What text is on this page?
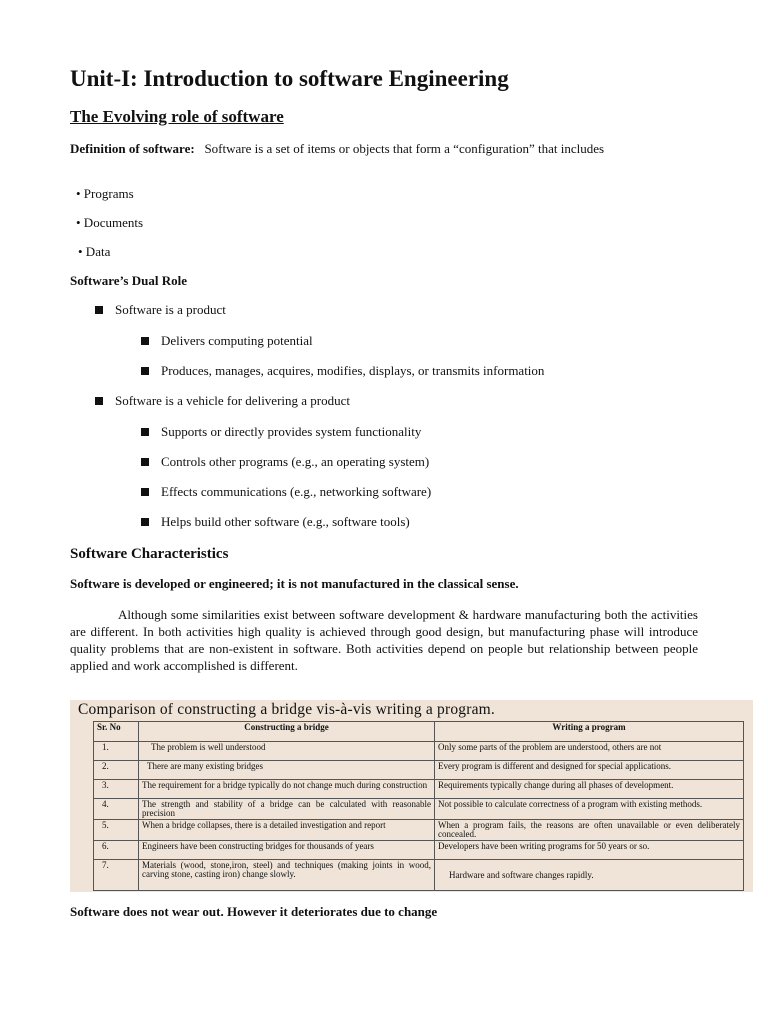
Unit-I: Introduction to software Engineering
The Evolving role of software
Definition of software: Software is a set of items or objects that form a “configuration” that includes
• Programs
• Documents
• Data
Software’s Dual Role
Software is a product
Delivers computing potential
Produces, manages, acquires, modifies, displays, or transmits information
Software is a vehicle for delivering a product
Supports or directly provides system functionality
Controls other programs (e.g., an operating system)
Effects communications (e.g., networking software)
Helps build other software (e.g., software tools)
Software Characteristics
Software is developed or engineered; it is not manufactured in the classical sense.
Although some similarities exist between software development & hardware manufacturing both the activities are different. In both activities high quality is achieved through good design, but manufacturing phase will introduce quality problems that are non-existent in software. Both activities depend on people but relationship between people applied and work accomplished is different.
Comparison of constructing a bridge vis-à-vis writing a program.
Sr. No	Constructing a bridge	Writing a program
1.	The problem is well understood	Only some parts of the problem are understood, others are not
2.	There are many existing bridges	Every program is different and designed for special applications.
3.	The requirement for a bridge typically do not change much during construction	Requirements typically change during all phases of development.
4.	The strength and stability of a bridge can be calculated with reasonable precision	Not possible to calculate correctness of a program with existing methods.
5.	When a bridge collapses, there is a detailed investigation and report	When a program fails, the reasons are often unavailable or even deliberately concealed.
6.	Engineers have been constructing bridges for thousands of years	Developers have been writing programs for 50 years or so.
7.	Materials (wood, stone,iron, steel) and techniques (making joints in wood, carving stone, casting iron) change slowly.	Hardware and software changes rapidly.
Software does not wear out. However it deteriorates due to change
